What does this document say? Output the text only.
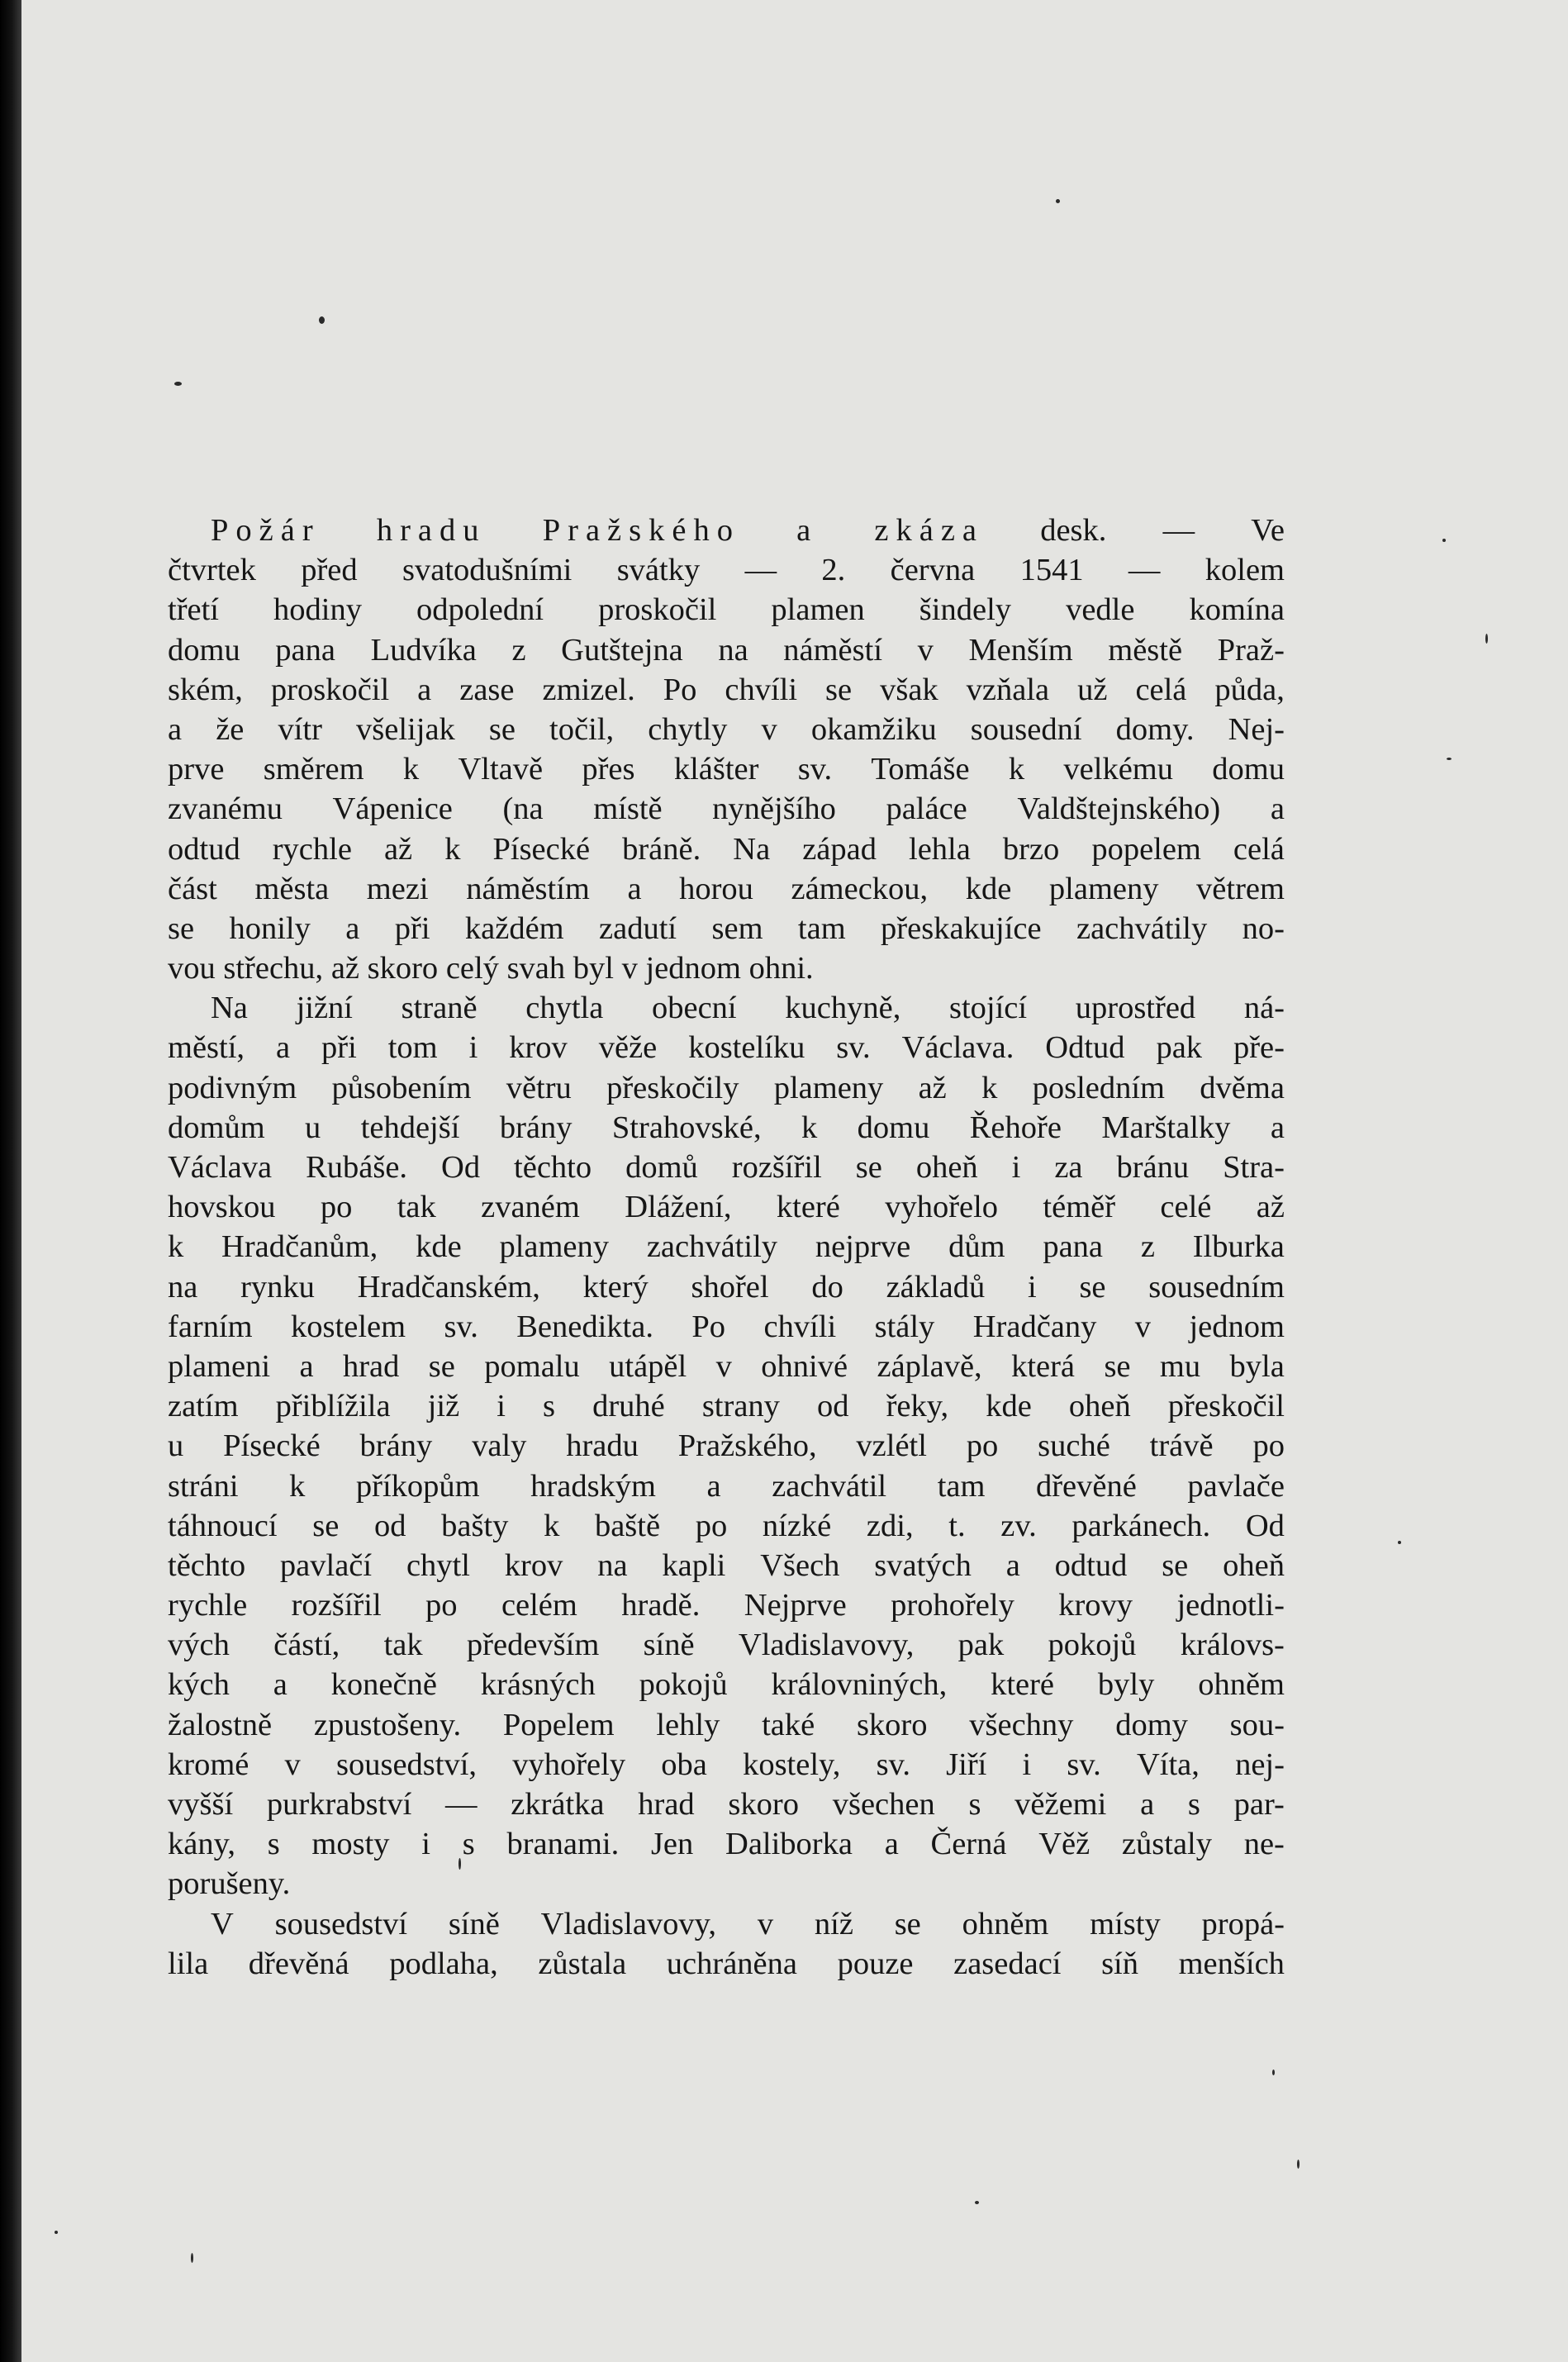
Požár hradu Pražského a zkáza desk. — Ve
čtvrtek před svatodušními svátky — 2. června 1541 — kolem
třetí hodiny odpolední proskočil plamen šindely vedle komína
domu pana Ludvíka z Gutštejna na náměstí v Menším městě Praž-
ském, proskočil a zase zmizel. Po chvíli se však vzňala už celá půda,
a že vítr všelijak se točil, chytly v okamžiku sousední domy. Nej-
prve směrem k Vltavě přes klášter sv. Tomáše k velkému domu
zvanému Vápenice (na místě nynějšího paláce Valdštejnského) a
odtud rychle až k Písecké bráně. Na západ lehla brzo popelem celá
část města mezi náměstím a horou zámeckou, kde plameny větrem
se honily a při každém zadutí sem tam přeskakujíce zachvátily no-
vou střechu, až skoro celý svah byl v jednom ohni.
Na jižní straně chytla obecní kuchyně, stojící uprostřed ná-
městí, a při tom i krov věže kostelíku sv. Václava. Odtud pak pře-
podivným působením větru přeskočily plameny až k posledním dvěma
domům u tehdejší brány Strahovské, k domu Řehoře Marštalky a
Václava Rubáše. Od těchto domů rozšířil se oheň i za bránu Stra-
hovskou po tak zvaném Dlážení, které vyhořelo téměř celé až
k Hradčanům, kde plameny zachvátily nejprve dům pana z Ilburka
na rynku Hradčanském, který shořel do základů i se sousedním
farním kostelem sv. Benedikta. Po chvíli stály Hradčany v jednom
plameni a hrad se pomalu utápěl v ohnivé záplavě, která se mu byla
zatím přiblížila již i s druhé strany od řeky, kde oheň přeskočil
u Písecké brány valy hradu Pražského, vzlétl po suché trávě po
stráni k příkopům hradským a zachvátil tam dřevěné pavlače
táhnoucí se od bašty k baště po nízké zdi, t. zv. parkánech. Od
těchto pavlačí chytl krov na kapli Všech svatých a odtud se oheň
rychle rozšířil po celém hradě. Nejprve prohořely krovy jednotli-
vých částí, tak především síně Vladislavovy, pak pokojů královs-
kých a konečně krásných pokojů královniných, které byly ohněm
žalostně zpustošeny. Popelem lehly také skoro všechny domy sou-
kromé v sousedství, vyhořely oba kostely, sv. Jiří i sv. Víta, nej-
vyšší purkrabství — zkrátka hrad skoro všechen s věžemi a s par-
kány, s mosty i s branami. Jen Daliborka a Černá Věž zůstaly ne-
porušeny.
V sousedství síně Vladislavovy, v níž se ohněm místy propá-
lila dřevěná podlaha, zůstala uchráněna pouze zasedací síň menších
